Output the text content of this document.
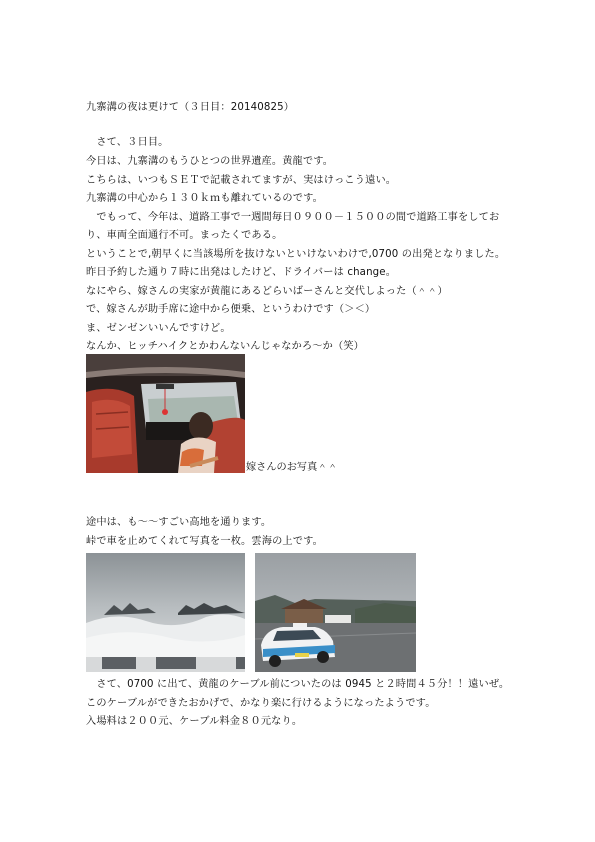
九寨溝の夜は更けて（３日目：20140825）
　さて、３日目。
今日は、九寨溝のもうひとつの世界遺産。黄龍です。
こちらは、いつもＳＥＴで記載されてますが、実はけっこう遠い。
九寨溝の中心から１３０ｋｍも離れているのです。
　でもって、今年は、道路工事で一週間毎日０９００－１５００の間で道路工事をしてお
り、車両全面通行不可。まったくである。
ということで,朝早くに当該場所を抜けないといけないわけで,0700 の出発となりました。
昨日予約した通り７時に出発はしたけど、ドライバーは change。
なにやら、嫁さんの実家が黄龍にあるどらいばーさんと交代しよった（＾＾）
で、嫁さんが助手席に途中から便乗、というわけです（＞＜）
ま、ゼンゼンいいんですけど。
なんか、ヒッチハイクとかわんないんじゃなかろ～か（笑）
嫁さんのお写真＾＾
途中は、も～～すごい高地を通ります。
峠で車を止めてくれて写真を一枚。雲海の上です。
　さて、0700 に出て、黄龍のケーブル前についたのは 0945 と２時間４５分！！遠いぜ。
このケーブルができたおかげで、かなり楽に行けるようになったようです。
入場料は２００元、ケーブル料金８０元なり。
